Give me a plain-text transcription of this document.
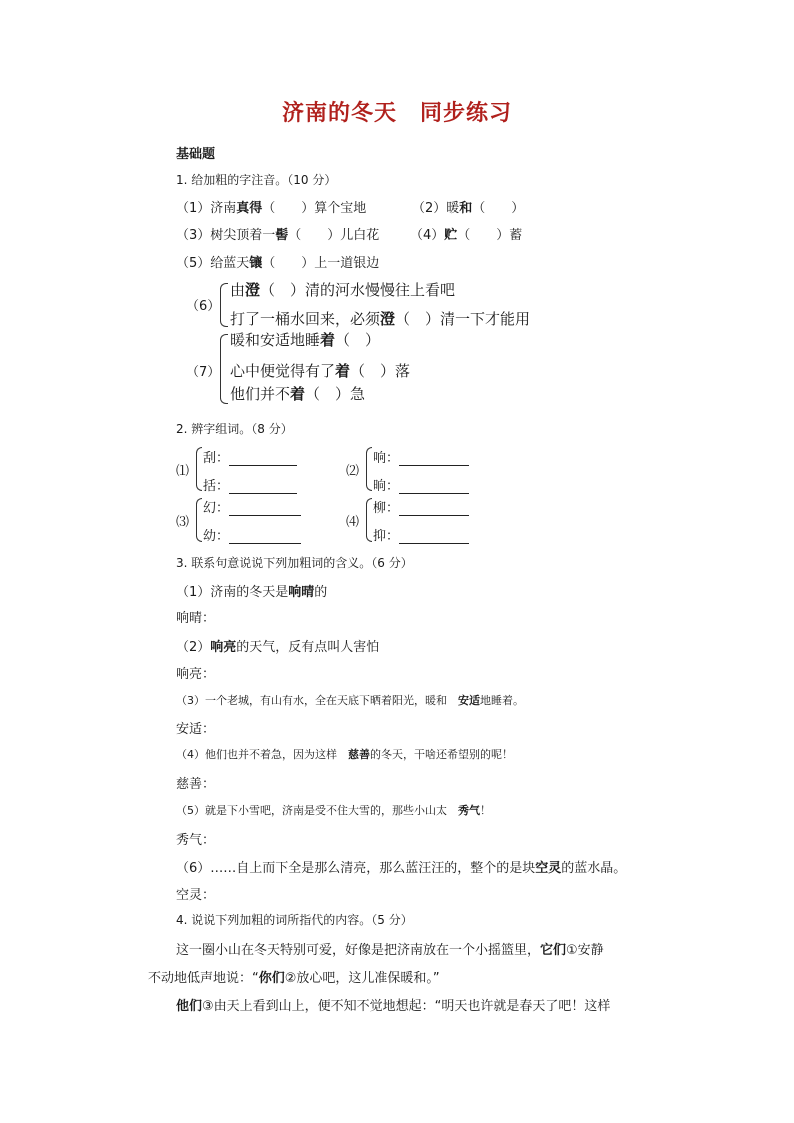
济南的冬天　同步练习
基础题
1. 给加粗的字注音。（10 分）
（1）济南真得（　　）算个宝地	（2）暖和（　　）
（3）树尖顶着一髻（　　）儿白花 （4）贮（　　）蓄
（5）给蓝天镶（　　）上一道银边
（6）
由澄（　）清的河水慢慢往上看吧
打了一桶水回来，必须澄（　）清一下才能用
（7）
暖和安适地睡着（　）
心中便觉得有了着（　）落
他们并不着（　）急
2. 辨字组词。（8 分）
⑴
刮：
括：
⑵
响：
晌：
⑶
幻：
幼：
⑷
柳：
抑：
3. 联系句意说说下列加粗词的含义。（6 分）
（1）济南的冬天是响晴的
响晴：
（2）响亮的天气，反有点叫人害怕
响亮：
（3）一个老城，有山有水，全在天底下晒着阳光，暖和　安适地睡着。
安适：
（4）他们也并不着急，因为这样　慈善的冬天，干啥还希望别的呢！
慈善：
（5）就是下小雪吧，济南是受不住大雪的，那些小山太　秀气！
秀气：
（6）……自上而下全是那么清亮，那么蓝汪汪的，整个的是块空灵的蓝水晶。
空灵：
4. 说说下列加粗的词所指代的内容。（5 分）
这一圈小山在冬天特别可爱，好像是把济南放在一个小摇篮里，它们①安静
不动地低声地说：“你们②放心吧，这儿准保暖和。”
他们③由天上看到山上，便不知不觉地想起：“明天也许就是春天了吧！这样
